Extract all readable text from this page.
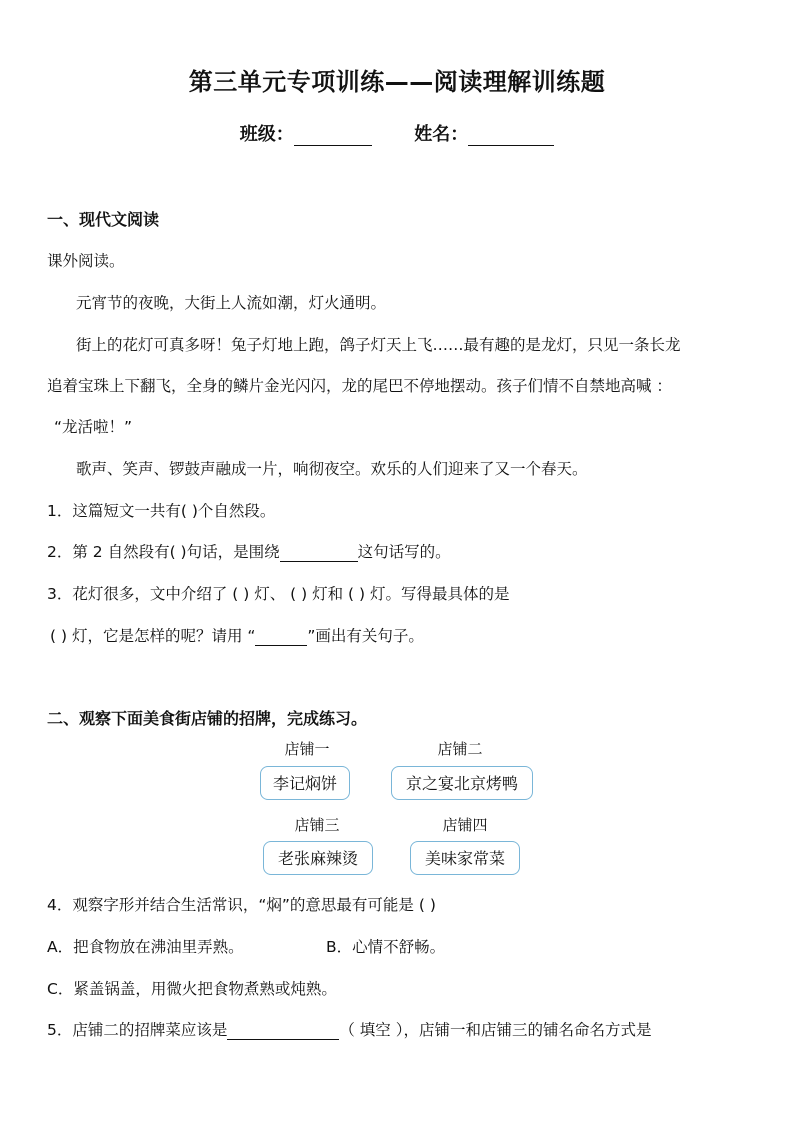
第三单元专项训练——阅读理解训练题
班级：	姓名：
一、现代文阅读
课外阅读。
元宵节的夜晚，大街上人流如潮，灯火通明。
街上的花灯可真多呀！兔子灯地上跑，鸽子灯天上飞……最有趣的是龙灯，只见一条长龙
追着宝珠上下翻飞，全身的鳞片金光闪闪，龙的尾巴不停地摆动。孩子们情不自禁地高喊 ：
“龙活啦！”
歌声、笑声、锣鼓声融成一片，响彻夜空。欢乐的人们迎来了又一个春天。
1．这篇短文一共有( )个自然段。
2．第 2 自然段有( )句话，是围绕	这句话写的。
3．花灯很多，文中介绍了 ( ) 灯、 ( ) 灯和 ( ) 灯。写得最具体的是
( ) 灯，它是怎样的呢？请用 “	”画出有关句子。
二、观察下面美食街店铺的招牌，完成练习。
店铺一
李记焖饼
店铺二
京之宴北京烤鸭
店铺三
老张麻辣烫
店铺四
美味家常菜
4．观察字形并结合生活常识，“焖”的意思最有可能是 ( )
A．把食物放在沸油里弄熟。	B．心情不舒畅。
C．紧盖锅盖，用微火把食物煮熟或炖熟。
5．店铺二的招牌菜应该是	（ 填空 ），店铺一和店铺三的铺名命名方式是
